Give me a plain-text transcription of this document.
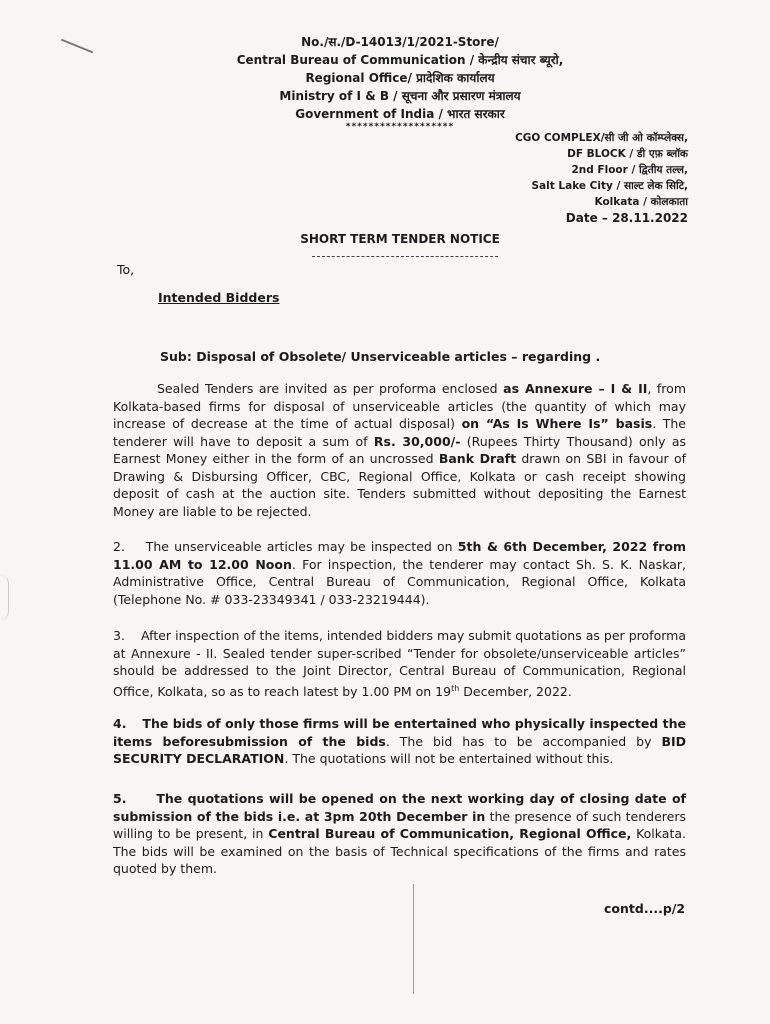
No./स./D-14013/1/2021-Store/
Central Bureau of Communication / केन्द्रीय संचार ब्यूरो,
Regional Office/ प्रादेशिक कार्यालय
Ministry of I & B / सूचना और प्रसारण मंत्रालय
Government of India / भारत सरकार
*******************
CGO COMPLEX/सी जी ओ कॉम्प्लेक्स,
DF BLOCK / डी एफ़ ब्लॉक
2nd Floor / द्वितीय तल्ल,
Salt Lake City / साल्ट लेक सिटि,
Kolkata / कोलकाता
Date – 28.11.2022
SHORT TERM TENDER NOTICE
To,
Intended Bidders
Sub: Disposal of Obsolete/ Unserviceable articles – regarding .
Sealed Tenders are invited as per proforma enclosed as Annexure – I & II, from Kolkata-based firms for disposal of unserviceable articles (the quantity of which may increase of decrease at the time of actual disposal) on “As Is Where Is” basis. The tenderer will have to deposit a sum of Rs. 30,000/- (Rupees Thirty Thousand) only as Earnest Money either in the form of an uncrossed Bank Draft drawn on SBI in favour of Drawing & Disbursing Officer, CBC, Regional Office, Kolkata or cash receipt showing deposit of cash at the auction site. Tenders submitted without depositing the Earnest Money are liable to be rejected.
2. The unserviceable articles may be inspected on 5th & 6th December, 2022 from 11.00 AM to 12.00 Noon. For inspection, the tenderer may contact Sh. S. K. Naskar, Administrative Office, Central Bureau of Communication, Regional Office, Kolkata (Telephone No. # 033-23349341 / 033-23219444).
3. After inspection of the items, intended bidders may submit quotations as per proforma at Annexure - II. Sealed tender super-scribed “Tender for obsolete/unserviceable articles” should be addressed to the Joint Director, Central Bureau of Communication, Regional Office, Kolkata, so as to reach latest by 1.00 PM on 19th December, 2022.
4. The bids of only those firms will be entertained who physically inspected the items beforesubmission of the bids. The bid has to be accompanied by BID SECURITY DECLARATION. The quotations will not be entertained without this.
5. The quotations will be opened on the next working day of closing date of submission of the bids i.e. at 3pm 20th December in the presence of such tenderers willing to be present, in Central Bureau of Communication, Regional Office, Kolkata. The bids will be examined on the basis of Technical specifications of the firms and rates quoted by them.
contd....p/2
